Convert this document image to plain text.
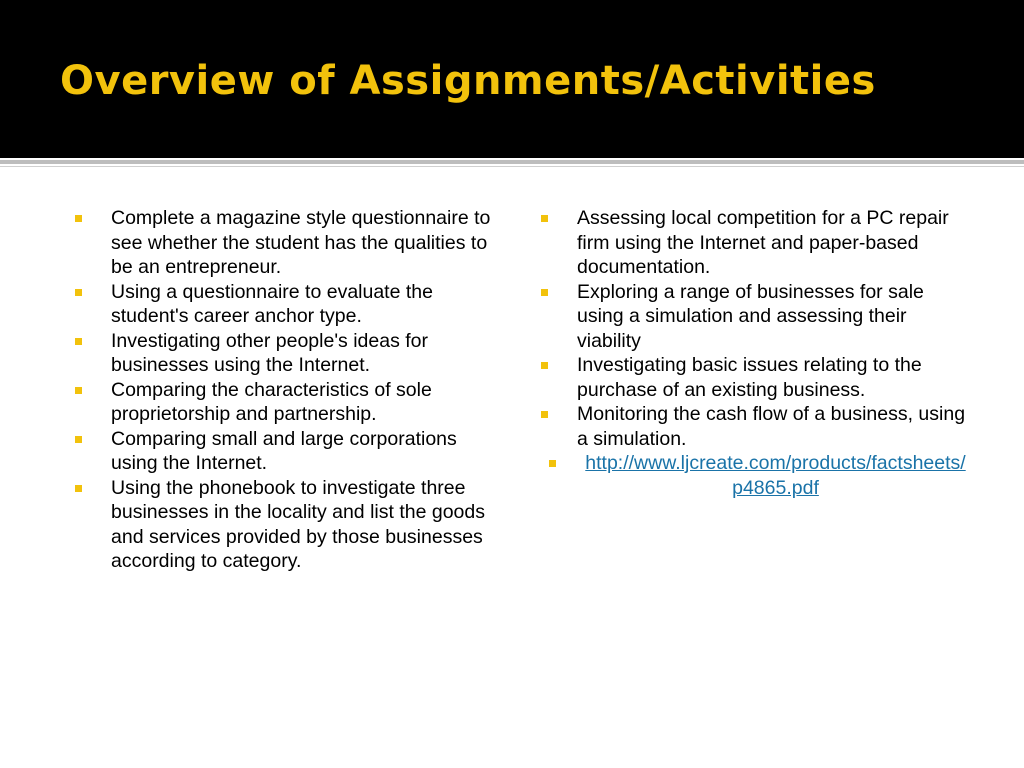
Overview of Assignments/Activities
Complete a magazine style questionnaire to see whether the student has the qualities to be an entrepreneur.
Using a questionnaire to evaluate the student's career anchor type.
Investigating other people's ideas for businesses using the Internet.
Comparing the characteristics of sole proprietorship and partnership.
Comparing small and large corporations using the Internet.
Using the phonebook to investigate three businesses in the locality and list the goods and services provided by those businesses according to category.
Assessing local competition for a PC repair firm using the Internet and paper-based documentation.
Exploring a range of businesses for sale using a simulation and assessing their viability
Investigating basic issues relating to the purchase of an existing business.
Monitoring the cash flow of a business, using a simulation.
http://www.ljcreate.com/products/factsheets/p4865.pdf
